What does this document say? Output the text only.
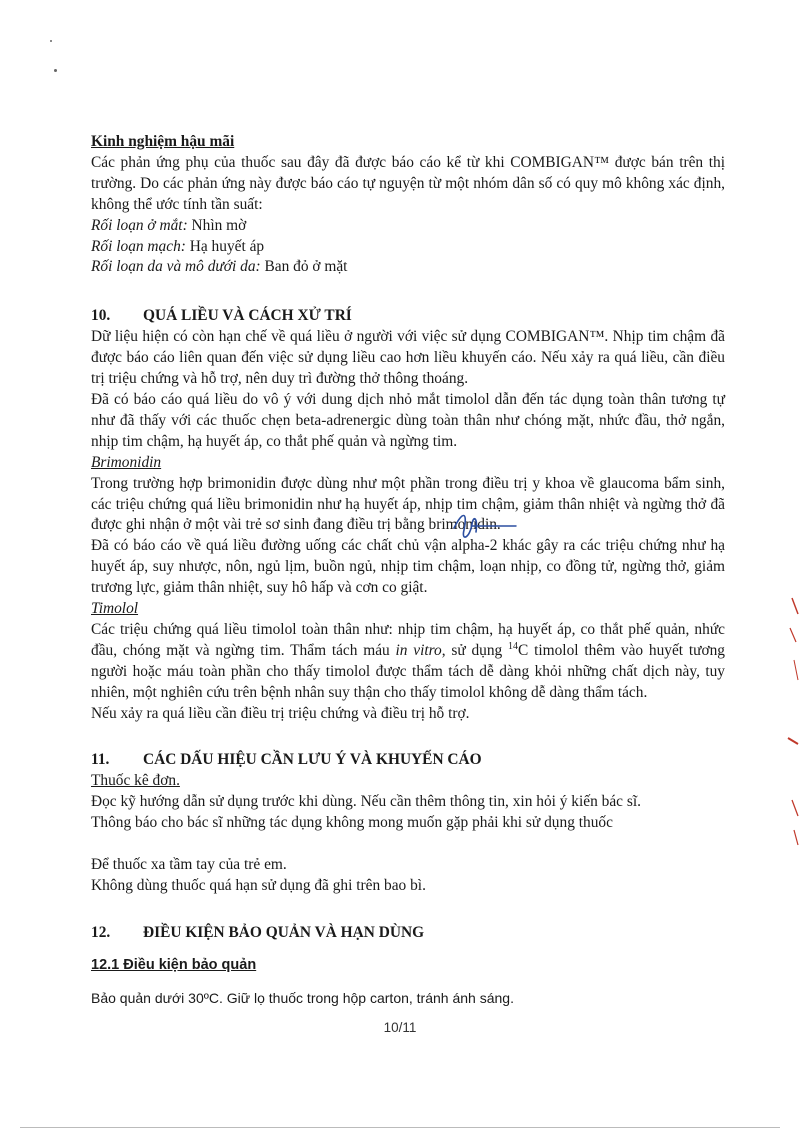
Kinh nghiệm hậu mãi

Các phản ứng phụ của thuốc sau đây đã được báo cáo kể từ khi COMBIGAN™ được bán trên thị trường. Do các phản ứng này được báo cáo tự nguyện từ một nhóm dân số có quy mô không xác định, không thể ước tính tần suất:

Rối loạn ở mắt: Nhìn mờ
Rối loạn mạch: Hạ huyết áp
Rối loạn da và mô dưới da: Ban đỏ ở mặt
10.	QUÁ LIỀU VÀ CÁCH XỬ TRÍ

Dữ liệu hiện có còn hạn chế về quá liều ở người với việc sử dụng COMBIGAN™. Nhịp tim chậm đã được báo cáo liên quan đến việc sử dụng liều cao hơn liều khuyến cáo. Nếu xảy ra quá liều, cần điều trị triệu chứng và hỗ trợ, nên duy trì đường thở thông thoáng.

Đã có báo cáo quá liều do vô ý với dung dịch nhỏ mắt timolol dẫn đến tác dụng toàn thân tương tự như đã thấy với các thuốc chẹn beta-adrenergic dùng toàn thân như chóng mặt, nhức đầu, thở ngắn, nhịp tim chậm, hạ huyết áp, co thắt phế quản và ngừng tim.

Brimonidin

Trong trường hợp brimonidin được dùng như một phần trong điều trị y khoa về glaucoma bẩm sinh, các triệu chứng quá liều brimonidin như hạ huyết áp, nhịp tim chậm, giảm thân nhiệt và ngừng thở đã được ghi nhận ở một vài trẻ sơ sinh đang điều trị bằng brimonidin.

Đã có báo cáo về quá liều đường uống các chất chủ vận alpha-2 khác gây ra các triệu chứng như hạ huyết áp, suy nhược, nôn, ngủ lịm, buồn ngủ, nhịp tim chậm, loạn nhịp, co đồng tử, ngừng thở, giảm trương lực, giảm thân nhiệt, suy hô hấp và cơn co giật.

Timolol

Các triệu chứng quá liều timolol toàn thân như: nhịp tim chậm, hạ huyết áp, co thắt phế quản, nhức đầu, chóng mặt và ngừng tim. Thẩm tách máu in vitro, sử dụng $^{14}$C timolol thêm vào huyết tương người hoặc máu toàn phần cho thấy timolol được thẩm tách dễ dàng khỏi những chất dịch này, tuy nhiên, một nghiên cứu trên bệnh nhân suy thận cho thấy timolol không dễ dàng thẩm tách.

Nếu xảy ra quá liều cần điều trị triệu chứng và điều trị hỗ trợ.

11.	CÁC DẤU HIỆU CẦN LƯU Ý VÀ KHUYẾN CÁO
Thuốc kê đơn.
Đọc kỹ hướng dẫn sử dụng trước khi dùng. Nếu cần thêm thông tin, xin hỏi ý kiến bác sĩ.
Thông báo cho bác sĩ những tác dụng không mong muốn gặp phải khi sử dụng thuốc
Để thuốc xa tầm tay của trẻ em.
Không dùng thuốc quá hạn sử dụng đã ghi trên bao bì.
12.	ĐIỀU KIỆN BẢO QUẢN VÀ HẠN DÙNG
12.1 Điều kiện bảo quản
Bảo quản dưới 30ºC. Giữ lọ thuốc trong hộp carton, tránh ánh sáng.
10/11
